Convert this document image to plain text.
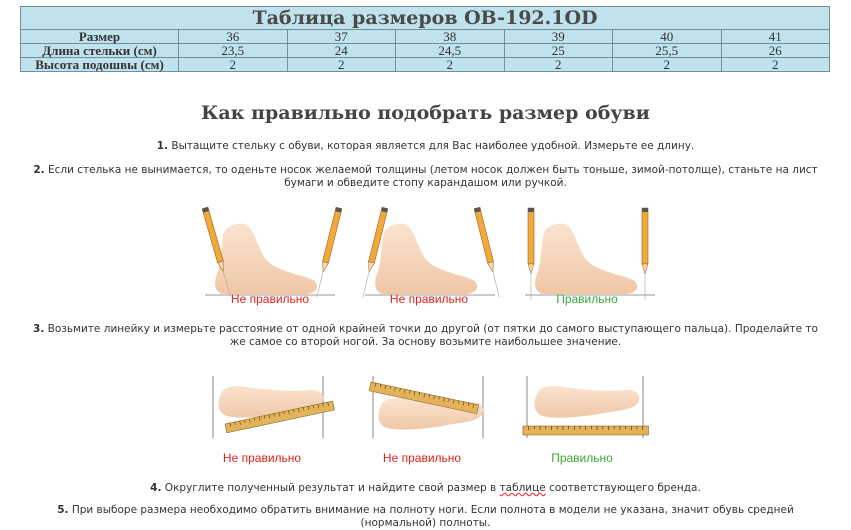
Таблица размеров OB-192.1OD						
Размер	36	37	38	39	40	41
Длина стельки (см)	23,5	24	24,5	25	25,5	26
Высота подошвы (см)	2	2	2	2	2	2
Как правильно подобрать размер обуви

1. Вытащите стельку с обуви, которая является для Вас наиболее удобной. Измерьте ее длину.

2. Если стелька не вынимается, то оденьте носок желаемой толщины (летом носок должен быть тоньше, зимой-потолще), станьте на лист бумаги и обведите стопу карандашом или ручкой.

Не правильно	Не правильно	Правильно

3. Возьмите линейку и измерьте расстояние от одной крайней точки до другой (от пятки до самого выступающего пальца). Проделайте то же самое со второй ногой. За основу возьмите наибольшее значение.

Не правильно	Не правильно	Правильно

4. Округлите полученный результат и найдите свой размер в таблице соответствующего бренда.

5. При выборе размера необходимо обратить внимание на полноту ноги. Если полнота в модели не указана, значит обувь средней (нормальной) полноты.
